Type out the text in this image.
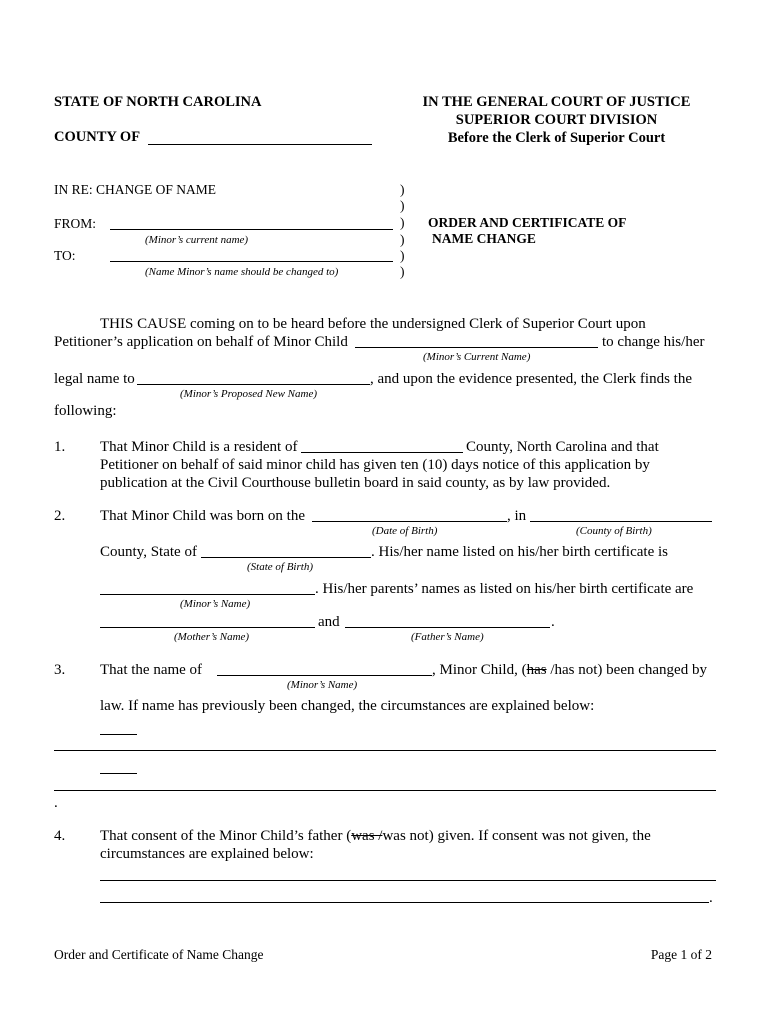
STATE OF NORTH CAROLINA
COUNTY OF
IN THE GENERAL COURT OF JUSTICE
SUPERIOR COURT DIVISION
Before the Clerk of Superior Court
IN RE: CHANGE OF NAME
FROM:
(Minor’s current name)
TO:
(Name Minor’s name should be changed to)
)
)
)
)
)
)
ORDER AND CERTIFICATE OF
NAME CHANGE
THIS CAUSE coming on to be heard before the undersigned Clerk of Superior Court upon
Petitioner’s application on behalf of Minor Child	to change his/her
(Minor’s Current Name)
legal name to	, and upon the evidence presented, the Clerk finds the
(Minor’s Proposed New Name)
following:
1. That Minor Child is a resident of	County, North Carolina and that
Petitioner on behalf of said minor child has given ten (10) days notice of this application by
publication at the Civil Courthouse bulletin board in said county, as by law provided.
2. That Minor Child was born on the	, in
(Date of Birth)	(County of Birth)
County, State of	. His/her name listed on his/her birth certificate is
(State of Birth)
. His/her parents’ names as listed on his/her birth certificate are
(Minor’s Name)
and	.
(Mother’s Name)	(Father’s Name)
3. That the name of	, Minor Child, (has /has not) been changed by
(Minor’s Name)
law. If name has previously been changed, the circumstances are explained below:
.
4. That consent of the Minor Child’s father (was /was not) given. If consent was not given, the
circumstances are explained below:
.
Order and Certificate of Name Change	Page 1 of 2
